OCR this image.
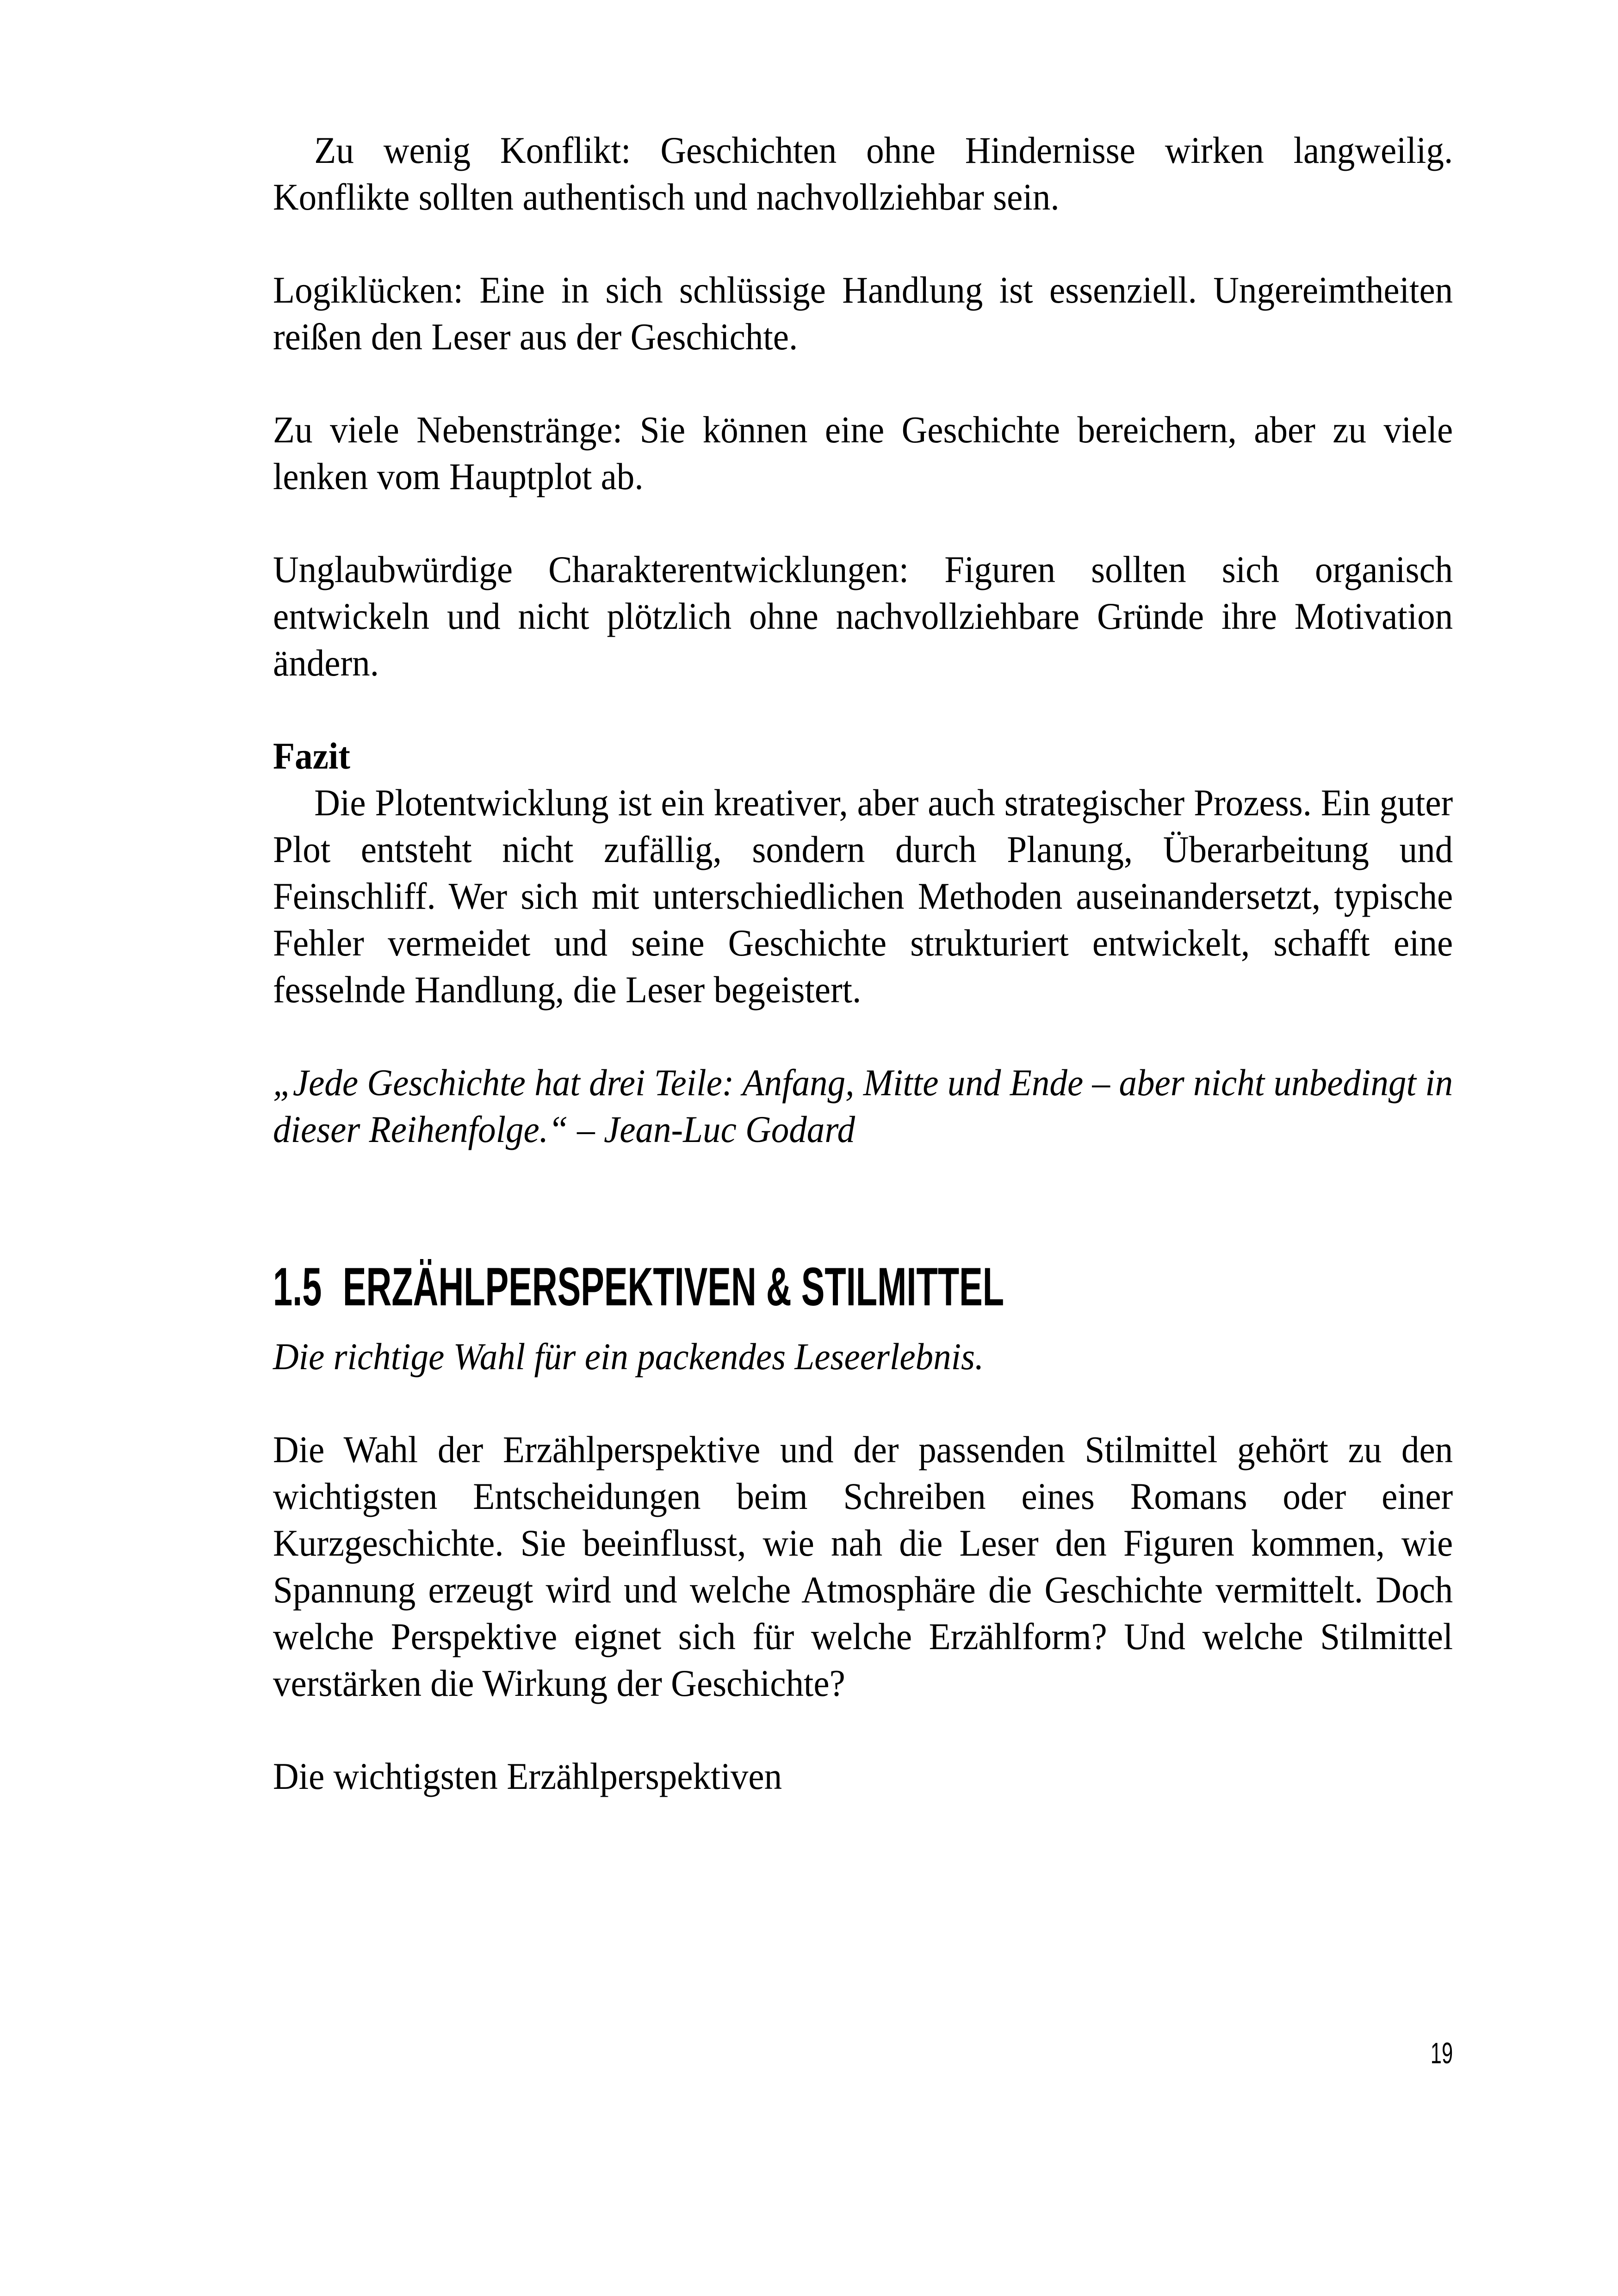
Zu wenig Konflikt: Geschichten ohne Hindernisse wirken langweilig. Konflikte sollten authentisch und nachvollziehbar sein.

Logiklücken: Eine in sich schlüssige Handlung ist essenziell. Ungereimtheiten reißen den Leser aus der Geschichte.

Zu viele Nebenstränge: Sie können eine Geschichte bereichern, aber zu viele lenken vom Hauptplot ab.

Unglaubwürdige Charakterentwicklungen: Figuren sollten sich organisch entwickeln und nicht plötzlich ohne nachvollziehbare Gründe ihre Motivation ändern.

Fazit

Die Plotentwicklung ist ein kreativer, aber auch strategischer Prozess. Ein guter Plot entsteht nicht zufällig, sondern durch Planung, Überarbeitung und Feinschliff. Wer sich mit unterschiedlichen Methoden auseinandersetzt, typische Fehler vermeidet und seine Geschichte strukturiert entwickelt, schafft eine fesselnde Handlung, die Leser begeistert.

„Jede Geschichte hat drei Teile: Anfang, Mitte und Ende – aber nicht unbedingt in dieser Reihenfolge.“ – Jean-Luc Godard

1.5 ERZÄHLPERSPEKTIVEN & STILMITTEL

Die richtige Wahl für ein packendes Leseerlebnis.

Die Wahl der Erzählperspektive und der passenden Stilmittel gehört zu den wichtigsten Entscheidungen beim Schreiben eines Romans oder einer Kurzgeschichte. Sie beeinflusst, wie nah die Leser den Figuren kommen, wie Spannung erzeugt wird und welche Atmosphäre die Geschichte vermittelt. Doch welche Perspektive eignet sich für welche Erzählform? Und welche Stilmittel verstärken die Wirkung der Geschichte?

Die wichtigsten Erzählperspektiven

19
